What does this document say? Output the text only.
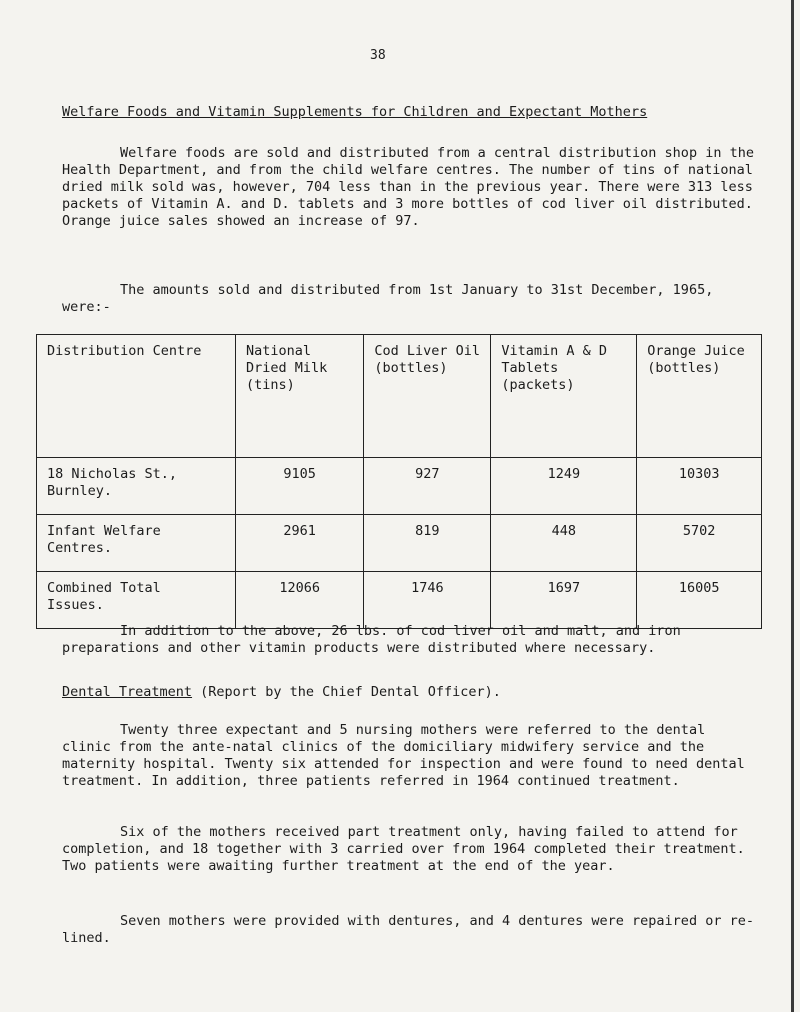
38
Welfare Foods and Vitamin Supplements for Children and Expectant Mothers

Welfare foods are sold and distributed from a central distribution shop in the Health Department, and from the child welfare centres. The number of tins of national dried milk sold was, however, 704 less than in the previous year. There were 313 less packets of Vitamin A. and D. tablets and 3 more bottles of cod liver oil distributed. Orange juice sales showed an increase of 97.

The amounts sold and distributed from 1st January to 31st December, 1965, were:-

Distribution Centre	National Dried Milk (tins)	Cod Liver Oil (bottles)	Vitamin A & D Tablets (packets)	Orange Juice (bottles)
18 Nicholas St., Burnley.	9105	927	1249	10303
Infant Welfare Centres.	2961	819	448	5702
Combined Total Issues.	12066	1746	1697	16005

In addition to the above, 26 lbs. of cod liver oil and malt, and iron preparations and other vitamin products were distributed where necessary.

Dental Treatment (Report by the Chief Dental Officer).

Twenty three expectant and 5 nursing mothers were referred to the dental clinic from the ante-natal clinics of the domiciliary midwifery service and the maternity hospital. Twenty six attended for inspection and were found to need dental treatment. In addition, three patients referred in 1964 continued treatment.

Six of the mothers received part treatment only, having failed to attend for completion, and 18 together with 3 carried over from 1964 completed their treatment. Two patients were awaiting further treatment at the end of the year.

Seven mothers were provided with dentures, and 4 dentures were repaired or re-lined.
